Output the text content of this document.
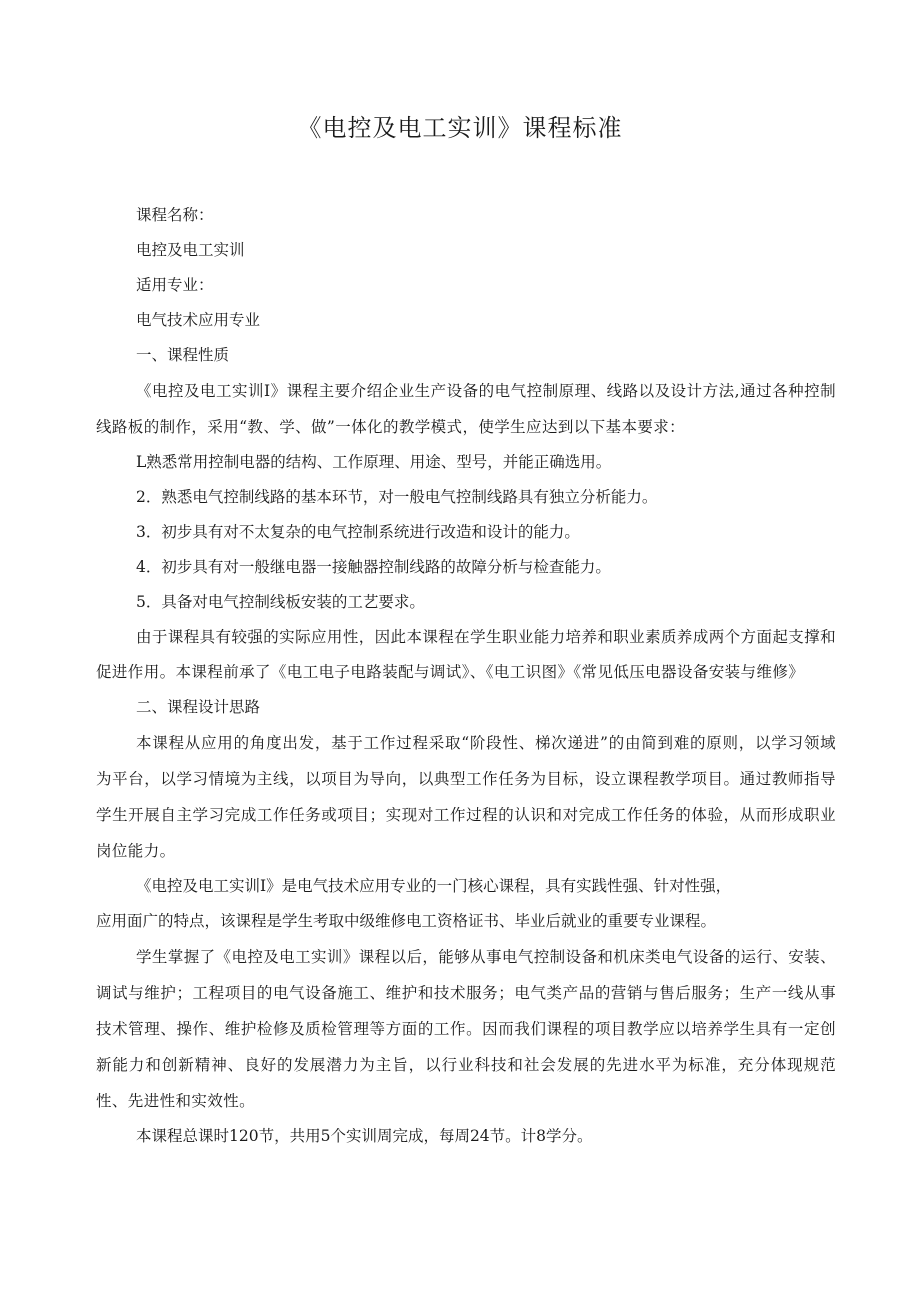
《电控及电工实训》课程标准

课程名称：

电控及电工实训

适用专业：

电气技术应用专业

一、课程性质

《电控及电工实训I》课程主要介绍企业生产设备的电气控制原理、线路以及设计方法,通过各种控制线路板的制作，采用“教、学、做”一体化的教学模式，使学生应达到以下基本要求：

L熟悉常用控制电器的结构、工作原理、用途、型号，并能正确选用。

2．熟悉电气控制线路的基本环节，对一般电气控制线路具有独立分析能力。

3．初步具有对不太复杂的电气控制系统进行改造和设计的能力。

4．初步具有对一般继电器一接触器控制线路的故障分析与检查能力。

5．具备对电气控制线板安装的工艺要求。

由于课程具有较强的实际应用性，因此本课程在学生职业能力培养和职业素质养成两个方面起支撑和促进作用。本课程前承了《电工电子电路装配与调试》、《电工识图》《常见低压电器设备安装与维修》

二、课程设计思路

本课程从应用的角度出发，基于工作过程采取“阶段性、梯次递进”的由简到难的原则，以学习领域为平台，以学习情境为主线，以项目为导向，以典型工作任务为目标，设立课程教学项目。通过教师指导学生开展自主学习完成工作任务或项目；实现对工作过程的认识和对完成工作任务的体验，从而形成职业岗位能力。

《电控及电工实训I》是电气技术应用专业的一门核心课程，具有实践性强、针对性强，

应用面广的特点，该课程是学生考取中级维修电工资格证书、毕业后就业的重要专业课程。

学生掌握了《电控及电工实训》课程以后，能够从事电气控制设备和机床类电气设备的运行、安装、调试与维护；工程项目的电气设备施工、维护和技术服务；电气类产品的营销与售后服务；生产一线从事技术管理、操作、维护检修及质检管理等方面的工作。因而我们课程的项目教学应以培养学生具有一定创新能力和创新精神、良好的发展潜力为主旨，以行业科技和社会发展的先进水平为标准，充分体现规范性、先进性和实效性。

本课程总课时120节，共用5个实训周完成，每周24节。计8学分。
